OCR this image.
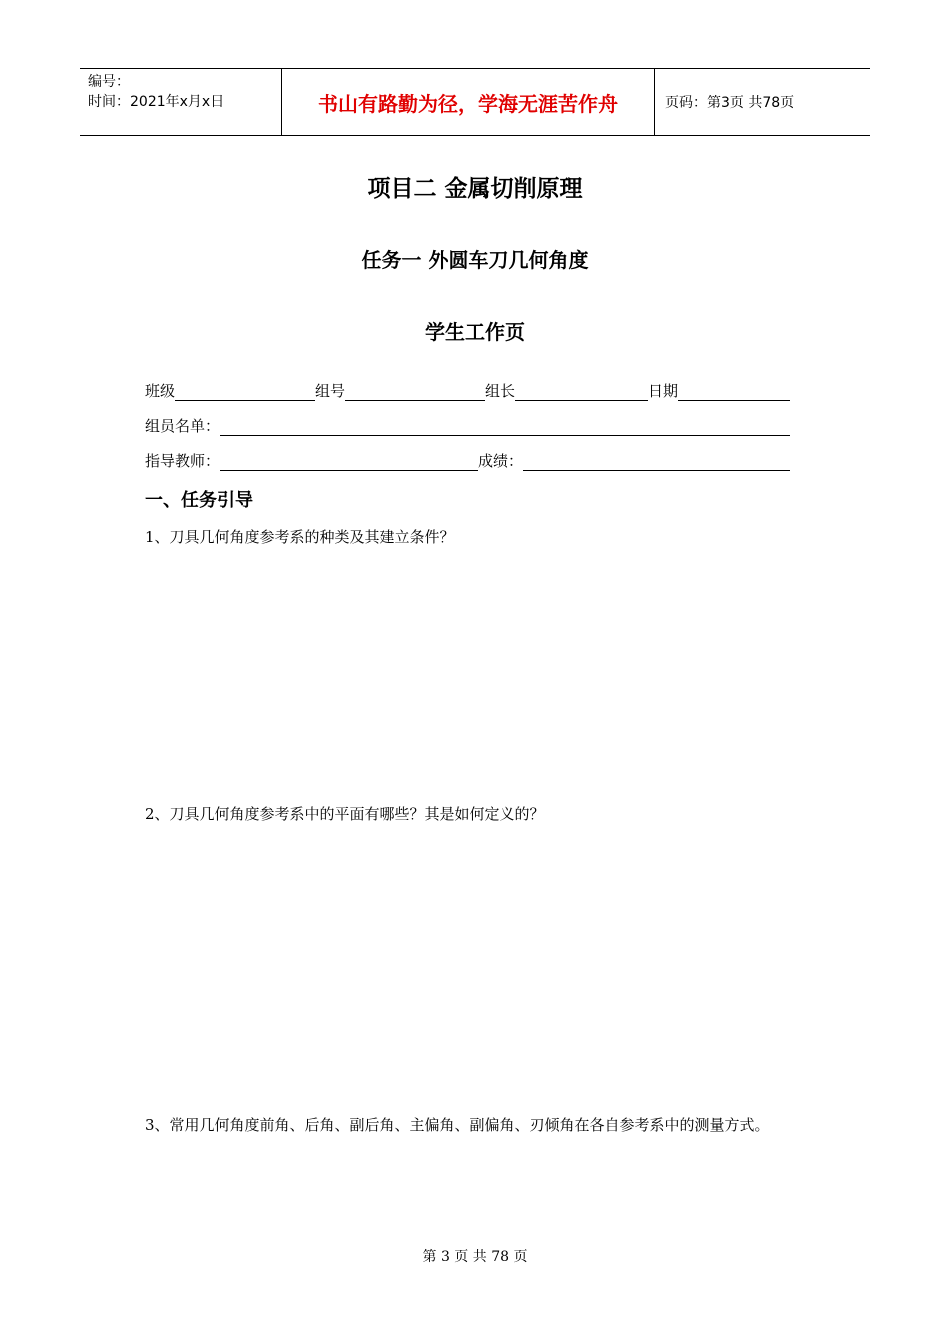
编号：
时间：2021年x月x日	书山有路勤为径，学海无涯苦作舟	页码：第3页 共78页
项目二 金属切削原理
任务一 外圆车刀几何角度
学生工作页
班级	组号	组长	日期
组员名单：
指导教师：	成绩：
一、任务引导
1、刀具几何角度参考系的种类及其建立条件？
2、刀具几何角度参考系中的平面有哪些？其是如何定义的？
3、常用几何角度前角、后角、副后角、主偏角、副偏角、刃倾角在各自参考系中的测量方式。
第 3 页 共 78 页
